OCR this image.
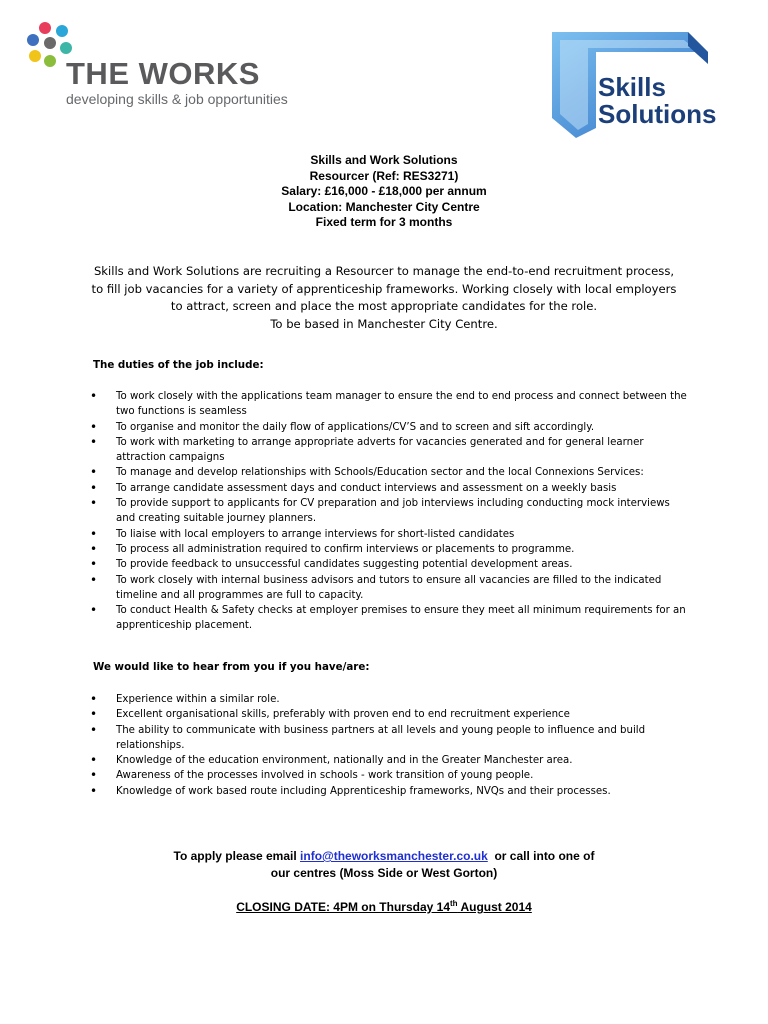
THE WORKS
developing skills & job opportunities	Skills
Solutions
Skills and Work Solutions
Resourcer (Ref: RES3271)
Salary: £16,000 - £18,000 per annum
Location: Manchester City Centre
Fixed term for 3 months
Skills and Work Solutions are recruiting a Resourcer to manage the end-to-end recruitment process,
to fill job vacancies for a variety of apprenticeship frameworks. Working closely with local employers
to attract, screen and place the most appropriate candidates for the role.
To be based in Manchester City Centre.
The duties of the job include:
• To work closely with the applications team manager to ensure the end to end process and connect between the two functions is seamless
• To organise and monitor the daily flow of applications/CV’S and to screen and sift accordingly.
• To work with marketing to arrange appropriate adverts for vacancies generated and for general learner attraction campaigns
• To manage and develop relationships with Schools/Education sector and the local Connexions Services:
• To arrange candidate assessment days and conduct interviews and assessment on a weekly basis
• To provide support to applicants for CV preparation and job interviews including conducting mock interviews and creating suitable journey planners.
• To liaise with local employers to arrange interviews for short-listed candidates
• To process all administration required to confirm interviews or placements to programme.
• To provide feedback to unsuccessful candidates suggesting potential development areas.
• To work closely with internal business advisors and tutors to ensure all vacancies are filled to the indicated timeline and all programmes are full to capacity.
• To conduct Health & Safety checks at employer premises to ensure they meet all minimum requirements for an apprenticeship placement.
We would like to hear from you if you have/are:
• Experience within a similar role.
• Excellent organisational skills, preferably with proven end to end recruitment experience
• The ability to communicate with business partners at all levels and young people to influence and build relationships.
• Knowledge of the education environment, nationally and in the Greater Manchester area.
• Awareness of the processes involved in schools - work transition of young people.
• Knowledge of work based route including Apprenticeship frameworks, NVQs and their processes.
To apply please email info@theworksmanchester.co.uk  or call into one of
our centres (Moss Side or West Gorton)
CLOSING DATE: 4PM on Thursday 14th August 2014
